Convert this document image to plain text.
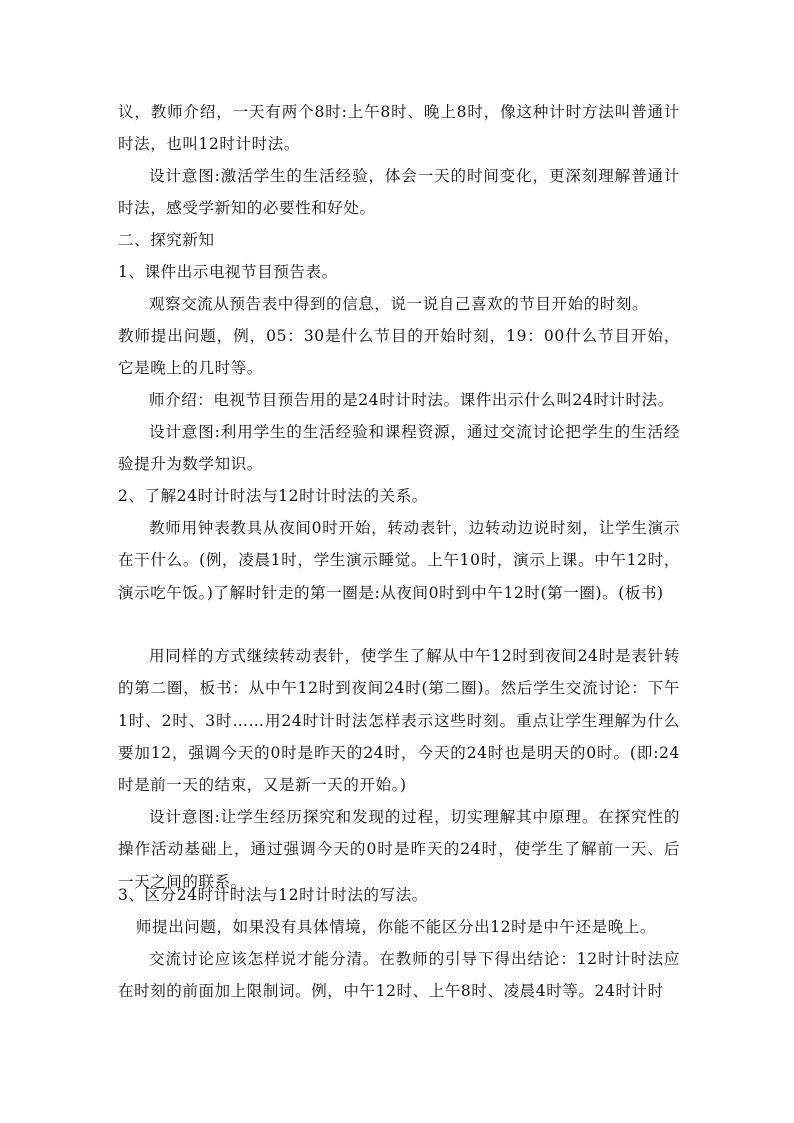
议，教师介绍，一天有两个8时:上午8时、晚上8时，像这种计时方法叫普通计时法，也叫12时计时法。

设计意图:激活学生的生活经验，体会一天的时间变化，更深刻理解普通计时法，感受学新知的必要性和好处。

二、探究新知

1、课件出示电视节目预告表。

观察交流从预告表中得到的信息，说一说自己喜欢的节目开始的时刻。

教师提出问题，例，05：30是什么节目的开始时刻，19：00什么节目开始，它是晚上的几时等。

师介绍：电视节目预告用的是24时计时法。课件出示什么叫24时计时法。

设计意图:利用学生的生活经验和课程资源，通过交流讨论把学生的生活经验提升为数学知识。

2、了解24时计时法与12时计时法的关系。

教师用钟表教具从夜间0时开始，转动表针，边转动边说时刻，让学生演示在干什么。(例，凌晨1时，学生演示睡觉。上午10时，演示上课。中午12时，演示吃午饭。)了解时针走的第一圈是:从夜间0时到中午12时(第一圈)。(板书)

用同样的方式继续转动表针，使学生了解从中午12时到夜间24时是表针转的第二圈，板书：从中午12时到夜间24时(第二圈)。然后学生交流讨论：下午1时、2时、3时……用24时计时法怎样表示这些时刻。重点让学生理解为什么要加12，强调今天的0时是昨天的24时，今天的24时也是明天的0时。(即:24时是前一天的结束，又是新一天的开始。)

设计意图:让学生经历探究和发现的过程，切实理解其中原理。在探究性的操作活动基础上，通过强调今天的0时是昨天的24时，使学生了解前一天、后一天之间的联系。

3、区分24时计时法与12时计时法的写法。

师提出问题，如果没有具体情境，你能不能区分出12时是中午还是晚上。

交流讨论应该怎样说才能分清。在教师的引导下得出结论：12时计时法应在时刻的前面加上限制词。例，中午12时、上午8时、凌晨4时等。24时计时
